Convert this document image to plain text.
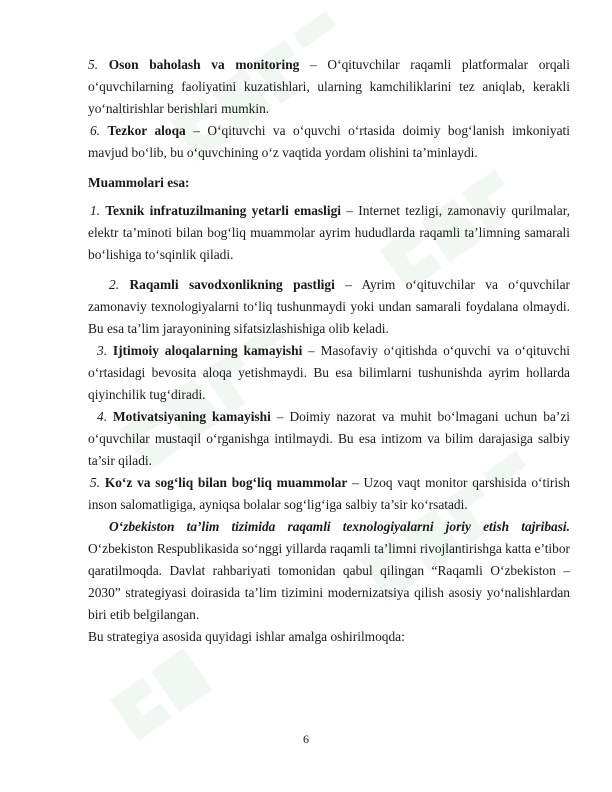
5. Oson baholash va monitoring – O‘qituvchilar raqamli platformalar orqali o‘quvchilarning faoliyatini kuzatishlari, ularning kamchiliklarini tez aniqlab, kerakli yo‘naltirishlar berishlari mumkin.

6. Tezkor aloqa – O‘qituvchi va o‘quvchi o‘rtasida doimiy bog‘lanish imkoniyati mavjud bo‘lib, bu o‘quvchining o‘z vaqtida yordam olishini ta’minlaydi.

Muammolari esa:

1. Texnik infratuzilmaning yetarli emasligi – Internet tezligi, zamonaviy qurilmalar, elektr ta’minoti bilan bog‘liq muammolar ayrim hududlarda raqamli ta’limning samarali bo‘lishiga to‘sqinlik qiladi.

2. Raqamli savodxonlikning pastligi – Ayrim o‘qituvchilar va o‘quvchilar zamonaviy texnologiyalarni to‘liq tushunmaydi yoki undan samarali foydalana olmaydi. Bu esa ta’lim jarayonining sifatsizlashishiga olib keladi.

3. Ijtimoiy aloqalarning kamayishi – Masofaviy o‘qitishda o‘quvchi va o‘qituvchi o‘rtasidagi bevosita aloqa yetishmaydi. Bu esa bilimlarni tushunishda ayrim hollarda qiyinchilik tug‘diradi.

4. Motivatsiyaning kamayishi – Doimiy nazorat va muhit bo‘lmagani uchun ba’zi o‘quvchilar mustaqil o‘rganishga intilmaydi. Bu esa intizom va bilim darajasiga salbiy ta’sir qiladi.

5. Ko‘z va sog‘liq bilan bog‘liq muammolar – Uzoq vaqt monitor qarshisida o‘tirish inson salomatligiga, ayniqsa bolalar sog‘lig‘iga salbiy ta’sir ko‘rsatadi.

O‘zbekiston ta’lim tizimida raqamli texnologiyalarni joriy etish tajribasi. O‘zbekiston Respublikasida so‘nggi yillarda raqamli ta’limni rivojlantirishga katta e’tibor qaratilmoqda. Davlat rahbariyati tomonidan qabul qilingan “Raqamli O‘zbekiston – 2030” strategiyasi doirasida ta’lim tizimini modernizatsiya qilish asosiy yo‘nalishlardan biri etib belgilangan.

Bu strategiya asosida quyidagi ishlar amalga oshirilmoqda:

6
